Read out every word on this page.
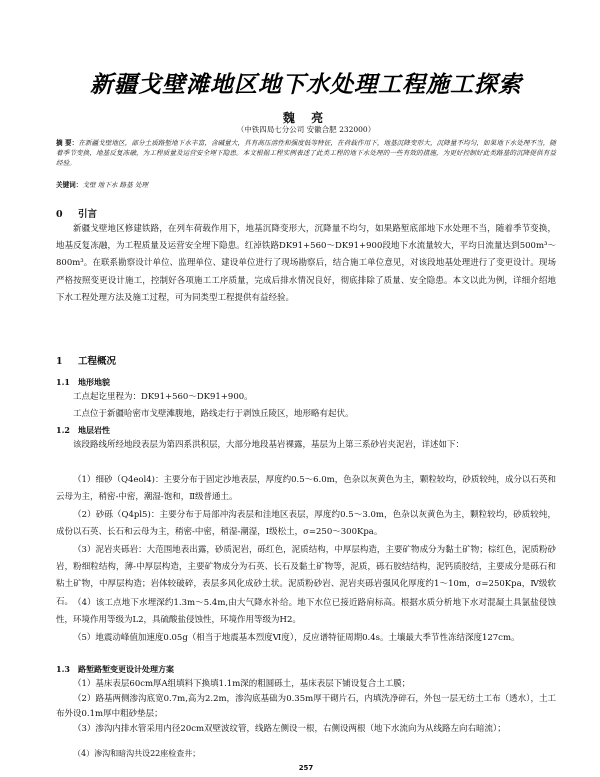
新疆戈壁滩地区地下水处理工程施工探索
魏 亮
（中铁四局七分公司 安徽合肥 232000）
摘 要：在新疆戈壁地区，部分土质路堑地下水丰富，含碱量大，具有高压溶性和强度低等特征，在荷载作用下，地基沉降变形大，沉降量不均匀，如果地下水处理不当，随着季节变换，地基反复冻融，为工程质量及运营安全埋下隐患。本文根据工程实例表述了此类工程的地下水处理的一些有效的措施，为更好控制好此类路基的沉降提供有益经验。
关键词：戈壁 地下水 路基 处理
0 引言
新疆戈壁地区修建铁路，在列车荷载作用下，地基沉降变形大，沉降量不均匀，如果路堑底部地下水处理不当，随着季节变换，地基反复冻融，为工程质量及运营安全埋下隐患。红淖铁路DK91+560～DK91+900段地下水流量较大，平均日流量达到500m³～800m³。在联系勘察设计单位、监理单位、建设单位进行了现场勘察后，结合施工单位意见，对该段地基处理进行了变更设计。现场严格按照变更设计施工，控制好各项施工工序质量，完成后排水情况良好，彻底排除了质量、安全隐患。本文以此为例，详细介绍地下水工程处理方法及施工过程，可为同类型工程提供有益经验。
1 工程概况
1.1 地形地貌
工点起讫里程为：DK91+560～DK91+900。
工点位于新疆哈密市戈壁滩腹地，路线走行于剥蚀丘陵区，地形略有起伏。
1.2 地层岩性
该段路线所经地段表层为第四系洪积层，大部分地段基岩裸露，基层为上第三系砂岩夹泥岩，详述如下：
（1）细砂（Q4eol4)：主要分布于固定沙地表层，厚度约0.5～6.0m，色杂以灰黄色为主，颗粒较均，砂质较纯，成分以石英和云母为主，稍密-中密，潮湿-饱和，Ⅱ级普通土。
（2）砂砾（Q4pl5)：主要分布于局部冲沟表层和洼地区表层，厚度约0.5～3.0m，色杂以灰黄色为主，颗粒较均，砂质较纯，成份以石英、长石和云母为主，稍密-中密，稍湿-潮湿，Ⅰ级松土，σ=250～300Kpa。
（3）泥岩夹砾岩：大范围地表出露，砂质泥岩，砾红色，泥质结构，中厚层构造，主要矿物成分为黏土矿物；棕红色，泥质粉砂岩，粉细粒结构，薄-中厚层构造，主要矿物成分为石英、长石及黏土矿物等，泥质，砾石胶结结构，泥钙质胶结，主要成分是砾石和粘土矿物，中厚层构造；岩体较破碎，表层多风化成砂土状。泥质粉砂岩、泥岩夹砾岩强风化厚度约1～10m，σ=250Kpa，Ⅳ级软石。 （4）该工点地下水埋深约1.3m～5.4m,由大气降水补给。地下水位已接近路肩标高。根据水质分析地下水对混凝土具氯盐侵蚀性，环境作用等级为L2，具硫酸盐侵蚀性，环境作用等级为H2。
（5）地震动峰值加速度0.05g（相当于地震基本烈度Ⅵ度），反应谱特征周期0.4s。土壤最大季节性冻结深度127cm。
1.3 路堑路堑变更设计处理方案
（1）基床表层60cm厚A组填料下换填1.1m深的粗圆砾土，基床表层下铺设复合土工膜；
（2）路基两侧渗沟底宽0.7m,高为2.2m，渗沟底基础为0.35m厚干砌片石，内填洗净碎石，外包一层无纺土工布（透水），土工布外设0.1m厚中粗砂垫层；
（3）渗沟内排水管采用内径20cm双壁波纹管，线路左侧设一根，右侧设两根（地下水流向为从线路左向右暗流）；
（4）渗沟和暗沟共设22座检查井；
257
